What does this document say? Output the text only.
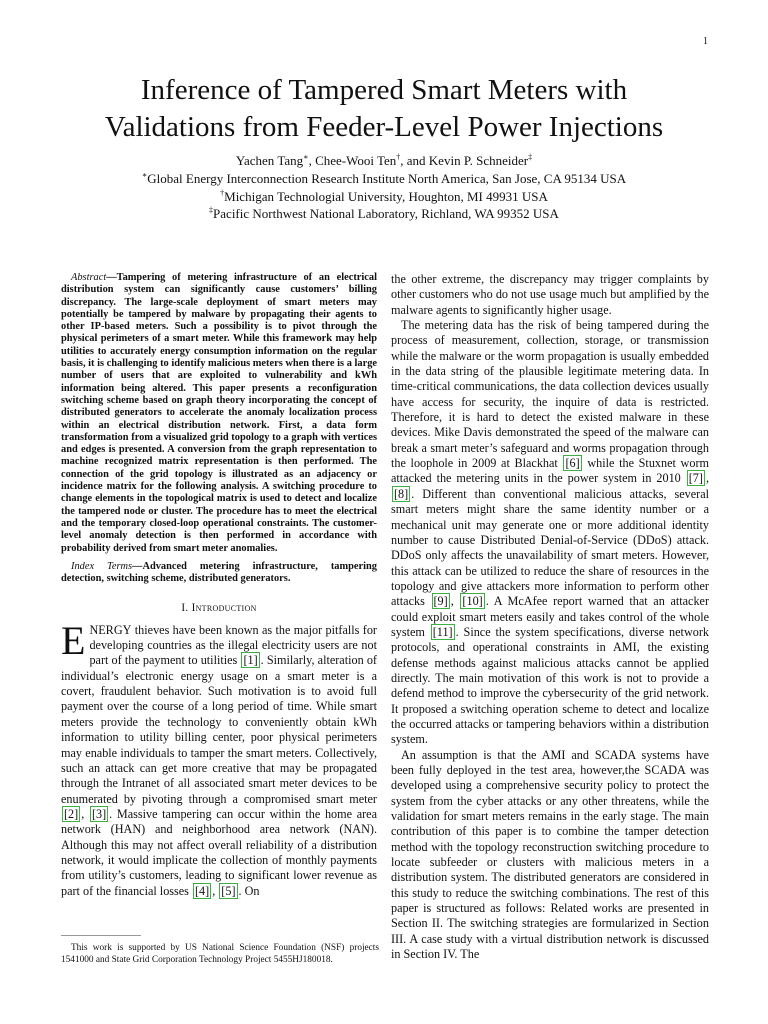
1
Inference of Tampered Smart Meters with
Validations from Feeder-Level Power Injections
Yachen Tang∗, Chee-Wooi Ten†, and Kevin P. Schneider‡
∗Global Energy Interconnection Research Institute North America, San Jose, CA 95134 USA
†Michigan Technologial University, Houghton, MI 49931 USA
‡Pacific Northwest National Laboratory, Richland, WA 99352 USA

Abstract—Tampering of metering infrastructure of an electrical distribution system can significantly cause customers’ billing discrepancy. The large-scale deployment of smart meters may potentially be tampered by malware by propagating their agents to other IP-based meters. Such a possibility is to pivot through the physical perimeters of a smart meter. While this framework may help utilities to accurately energy consumption information on the regular basis, it is challenging to identify malicious meters when there is a large number of users that are exploited to vulnerability and kWh information being altered. This paper presents a reconfiguration switching scheme based on graph theory incorporating the concept of distributed generators to accelerate the anomaly localization process within an electrical distribution network. First, a data form transformation from a visualized grid topology to a graph with vertices and edges is presented. A conversion from the graph representation to machine recognized matrix representation is then performed. The connection of the grid topology is illustrated as an adjacency or incidence matrix for the following analysis. A switching procedure to change elements in the topological matrix is used to detect and localize the tampered node or cluster. The procedure has to meet the electrical and the temporary closed-loop operational constraints. The customer-level anomaly detection is then performed in accordance with probability derived from smart meter anomalies.

Index Terms—Advanced metering infrastructure, tampering detection, switching scheme, distributed generators.

I. Introduction

ENERGY thieves have been known as the major pitfalls for developing countries as the illegal electricity users are not part of the payment to utilities [1] . Similarly, alteration of individual’s electronic energy usage on a smart meter is a covert, fraudulent behavior. Such motivation is to avoid full payment over the course of a long period of time. While smart meters provide the technology to conveniently obtain kWh information to utility billing center, poor physical perimeters may enable individuals to tamper the smart meters. Collectively, such an attack can get more creative that may be propagated through the Intranet of all associated smart meter devices to be enumerated by pivoting through a compromised smart meter [2] , [3] . Massive tampering can occur within the home area network (HAN) and neighborhood area network (NAN). Although this may not affect overall reliability of a distribution network, it would implicate the collection of monthly payments from utility’s customers, leading to significant lower revenue as part of the financial losses [4] , [5] . On

This work is supported by US National Science Foundation (NSF) projects 1541000 and State Grid Corporation Technology Project 5455HJ180018.

the other extreme, the discrepancy may trigger complaints by other customers who do not use usage much but amplified by the malware agents to significantly higher usage.

The metering data has the risk of being tampered during the process of measurement, collection, storage, or transmission while the malware or the worm propagation is usually embedded in the data string of the plausible legitimate metering data. In time-critical communications, the data collection devices usually have access for security, the inquire of data is restricted. Therefore, it is hard to detect the existed malware in these devices. Mike Davis demonstrated the speed of the malware can break a smart meter’s safeguard and worms propagation through the loophole in 2009 at Blackhat [6] while the Stuxnet worm attacked the metering units in the power system in 2010 [7] , [8] . Different than conventional malicious attacks, several smart meters might share the same identity number or a mechanical unit may generate one or more additional identity number to cause Distributed Denial-of-Service (DDoS) attack. DDoS only affects the unavailability of smart meters. However, this attack can be utilized to reduce the share of resources in the topology and give attackers more information to perform other attacks [9] , [10] . A McAfee report warned that an attacker could exploit smart meters easily and takes control of the whole system [11] . Since the system specifications, diverse network protocols, and operational constraints in AMI, the existing defense methods against malicious attacks cannot be applied directly. The main motivation of this work is not to provide a defend method to improve the cybersecurity of the grid network. It proposed a switching operation scheme to detect and localize the occurred attacks or tampering behaviors within a distribution system.

An assumption is that the AMI and SCADA systems have been fully deployed in the test area, however,the SCADA was developed using a comprehensive security policy to protect the system from the cyber attacks or any other threatens, while the validation for smart meters remains in the early stage. The main contribution of this paper is to combine the tamper detection method with the topology reconstruction switching procedure to locate subfeeder or clusters with malicious meters in a distribution system. The distributed generators are considered in this study to reduce the switching combinations. The rest of this paper is structured as follows: Related works are presented in Section II. The switching strategies are formularized in Section III. A case study with a virtual distribution network is discussed in Section IV. The
